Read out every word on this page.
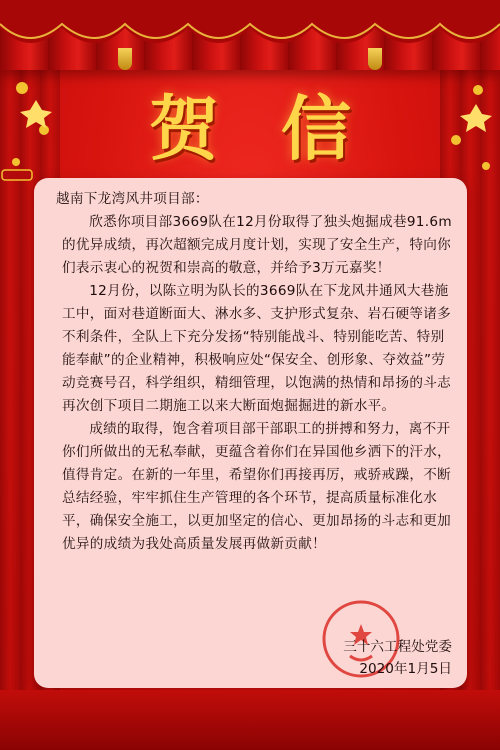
贺 信

越南下龙湾风井项目部：

欣悉你项目部3669队在12月份取得了独头炮掘成巷91.6m的优异成绩，再次超额完成月度计划，实现了安全生产，特向你们表示衷心的祝贺和崇高的敬意，并给予3万元嘉奖！

12月份，以陈立明为队长的3669队在下龙风井通风大巷施工中，面对巷道断面大、淋水多、支护形式复杂、岩石硬等诸多不利条件，全队上下充分发扬“特别能战斗、特别能吃苦、特别能奉献”的企业精神，积极响应处“保安全、创形象、夺效益”劳动竞赛号召，科学组织，精细管理，以饱满的热情和昂扬的斗志再次创下项目二期施工以来大断面炮掘掘进的新水平。

成绩的取得，饱含着项目部干部职工的拼搏和努力，离不开你们所做出的无私奉献，更蕴含着你们在异国他乡洒下的汗水，值得肯定。在新的一年里，希望你们再接再厉，戒骄戒躁，不断总结经验，牢牢抓住生产管理的各个环节，提高质量标准化水平，确保安全施工，以更加坚定的信心、更加昂扬的斗志和更加优异的成绩为我处高质量发展再做新贡献！

三十六工程处党委
2020年1月5日
